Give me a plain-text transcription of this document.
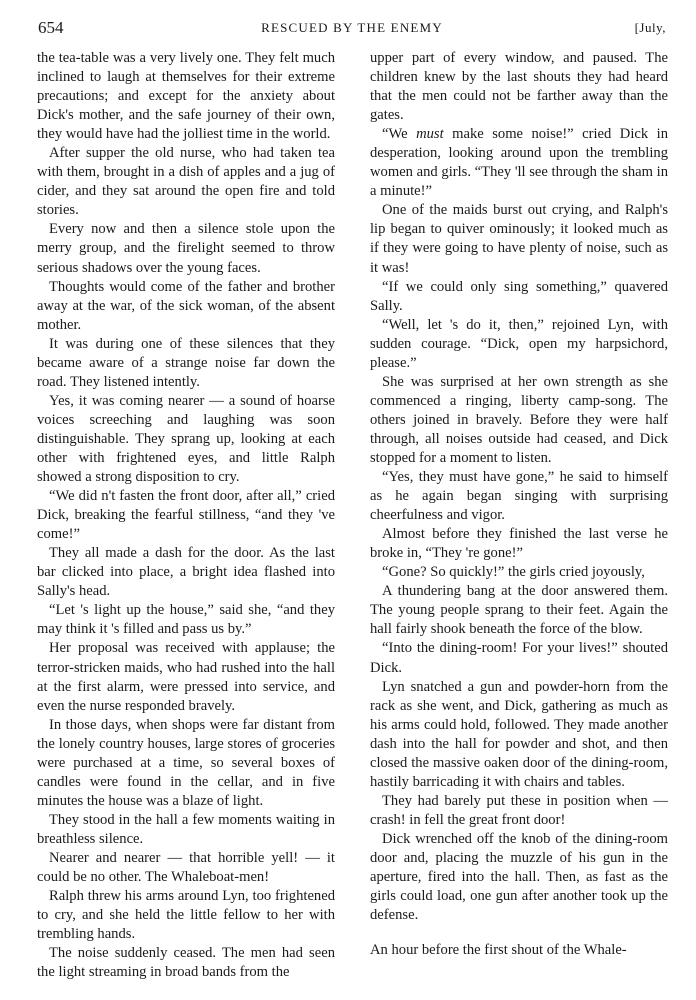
654	RESCUED BY THE ENEMY	[July,

the tea-table was a very lively one. They felt much inclined to laugh at themselves for their extreme precautions; and except for the anxiety about Dick's mother, and the safe journey of their own, they would have had the jolliest time in the world.

After supper the old nurse, who had taken tea with them, brought in a dish of apples and a jug of cider, and they sat around the open fire and told stories.

Every now and then a silence stole upon the merry group, and the firelight seemed to throw serious shadows over the young faces.

Thoughts would come of the father and brother away at the war, of the sick woman, of the absent mother.

It was during one of these silences that they became aware of a strange noise far down the road. They listened intently.

Yes, it was coming nearer — a sound of hoarse voices screeching and laughing was soon distinguishable. They sprang up, looking at each other with frightened eyes, and little Ralph showed a strong disposition to cry.

“We did n't fasten the front door, after all,” cried Dick, breaking the fearful stillness, “and they 've come!”

They all made a dash for the door. As the last bar clicked into place, a bright idea flashed into Sally's head.

“Let 's light up the house,” said she, “and they may think it 's filled and pass us by.”

Her proposal was received with applause; the terror-stricken maids, who had rushed into the hall at the first alarm, were pressed into service, and even the nurse responded bravely.

In those days, when shops were far distant from the lonely country houses, large stores of groceries were purchased at a time, so several boxes of candles were found in the cellar, and in five minutes the house was a blaze of light.

They stood in the hall a few moments waiting in breathless silence.

Nearer and nearer — that horrible yell! — it could be no other. The Whaleboat-men!

Ralph threw his arms around Lyn, too frightened to cry, and she held the little fellow to her with trembling hands.

The noise suddenly ceased. The men had seen the light streaming in broad bands from the

upper part of every window, and paused. The children knew by the last shouts they had heard that the men could not be farther away than the gates.

“We must make some noise!” cried Dick in desperation, looking around upon the trembling women and girls. “They 'll see through the sham in a minute!”

One of the maids burst out crying, and Ralph's lip began to quiver ominously; it looked much as if they were going to have plenty of noise, such as it was!

“If we could only sing something,” quavered Sally.

“Well, let 's do it, then,” rejoined Lyn, with sudden courage. “Dick, open my harpsichord, please.”

She was surprised at her own strength as she commenced a ringing, liberty camp-song. The others joined in bravely. Before they were half through, all noises outside had ceased, and Dick stopped for a moment to listen.

“Yes, they must have gone,” he said to himself as he again began singing with surprising cheerfulness and vigor.

Almost before they finished the last verse he broke in, “They 're gone!”

“Gone? So quickly!” the girls cried joyously,

A thundering bang at the door answered them. The young people sprang to their feet. Again the hall fairly shook beneath the force of the blow.

“Into the dining-room! For your lives!” shouted Dick.

Lyn snatched a gun and powder-horn from the rack as she went, and Dick, gathering as much as his arms could hold, followed. They made another dash into the hall for powder and shot, and then closed the massive oaken door of the dining-room, hastily barricading it with chairs and tables.

They had barely put these in position when — crash! in fell the great front door!

Dick wrenched off the knob of the dining-room door and, placing the muzzle of his gun in the aperture, fired into the hall. Then, as fast as the girls could load, one gun after another took up the defense.

An hour before the first shout of the Whale-
